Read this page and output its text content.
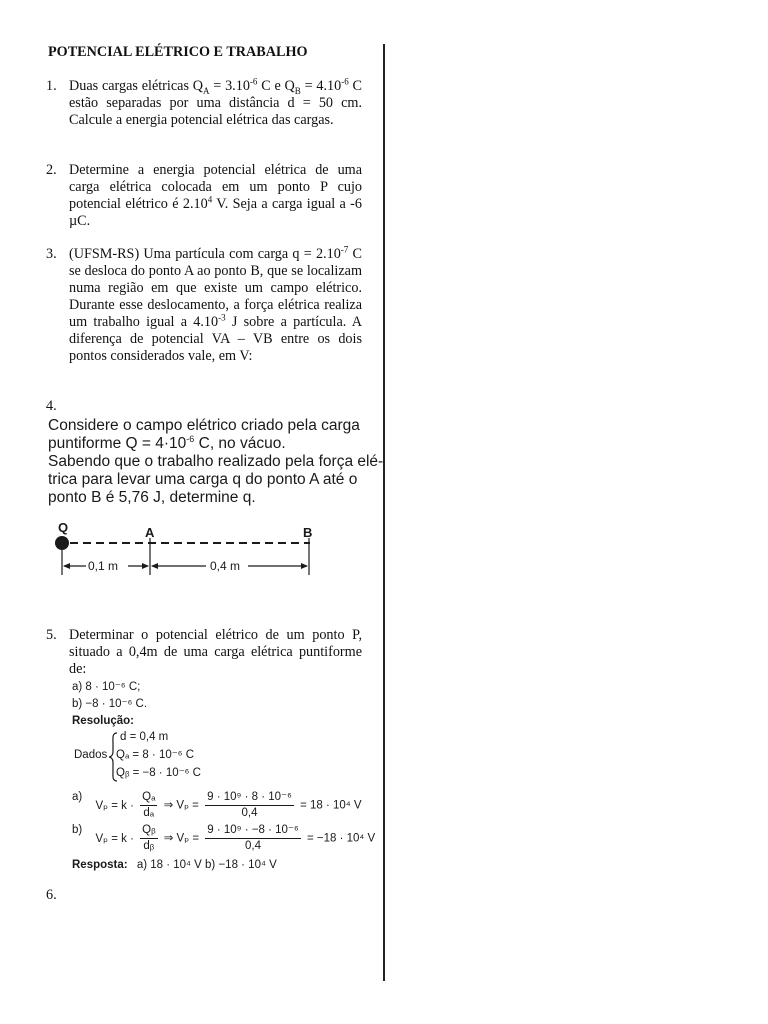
POTENCIAL ELÉTRICO E TRABALHO
1. Duas cargas elétricas $Q_A = 3.10^{-6}$ C e $Q_B = 4.10^{-6}$ C estão separadas por uma distância d = 50 cm. Calcule a energia potencial elétrica das cargas.
2. Determine a energia potencial elétrica de uma carga elétrica colocada em um ponto P cujo potencial elétrico é 2.10$^4$ V. Seja a carga igual a -6 µC.
3. (UFSM-RS) Uma partícula com carga $q = 2.10^{-7}$ C se desloca do ponto A ao ponto B, que se localizam numa região em que existe um campo elétrico. Durante esse deslocamento, a força elétrica realiza um trabalho igual a $4.10^{-3}$ J sobre a partícula. A diferença de potencial VA – VB entre os dois pontos considerados vale, em V:
4.
Considere o campo elétrico criado pela carga
puntiforme $Q = 4\cdot 10^{-6}$ C, no vácuo.
Sabendo que o trabalho realizado pela força elé-
trica para levar uma carga q do ponto A até o
ponto B é 5,76 J, determine q.
Q	A	B
0,1 m	0,4 m
5. Determinar o potencial elétrico de um ponto P, situado a 0,4m de uma carga elétrica puntiforme de:
a) 8 · 10⁻⁶ C;
b) −8 · 10⁻⁶ C.
Resolução:
Dados
d = 0,4 m
Qₐ = 8 · 10⁻⁶ C
Qᵦ = −8 · 10⁻⁶ C
a) $V_p = k \cdot \frac{\text{Qₐ}}{\text{dₐ}}$ ⇒ $V_p = \frac{\text{9 · 10⁹ · 8 · 10⁻⁶}}{0,4} = 18 \cdot 10^4$ V
b) $V_p = k \cdot \frac{\text{Qᵦ}}{\text{dᵦ}}$ ⇒ $V_p = \frac{\text{9 · 10⁹ · −8 · 10⁻⁶}}{0,4} = -18 \cdot 10^4$ V
Resposta: a) 18 · 10⁴ V b) −18 · 10⁴ V
6.
